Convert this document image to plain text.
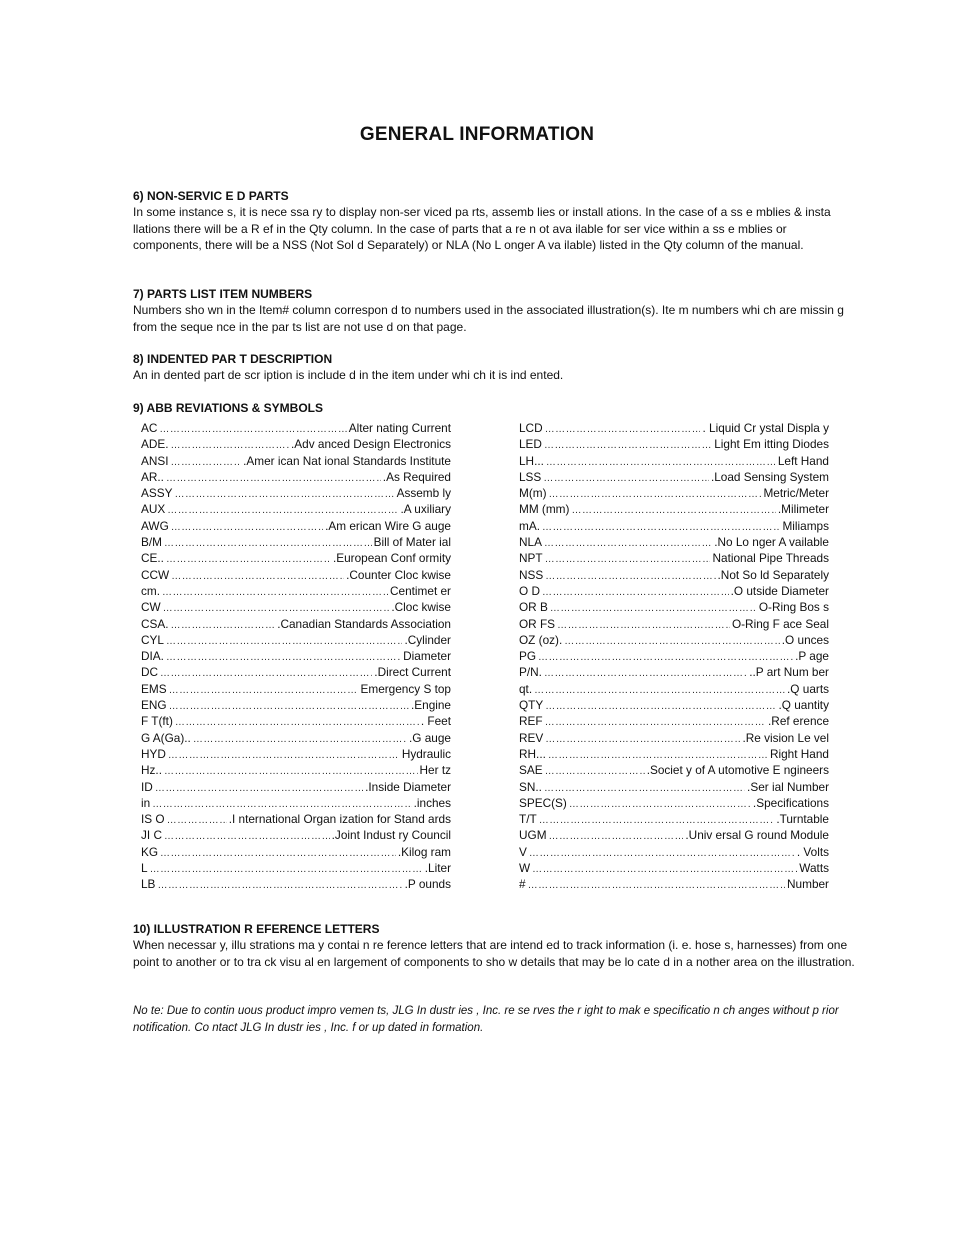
GENERAL INFORMATION

6) NON-SERVIC E D PARTS

In some instance s, it is nece ssa ry to display non-ser viced pa rts, assemb lies or install ations. In the case of a ss e mblies & insta llations there will be a R ef in the Qty column. In the case of parts that a re n ot ava ilable for ser vice within a ss e mblies or components, there will be a NSS (Not Sol d Separately) or NLA (No L onger A va ilable) listed in the Qty column of the manual.

7) PARTS LIST ITEM NUMBERS

Numbers sho wn in the Item# column correspon d to numbers used in the associated illustration(s). Ite m numbers whi ch are missin g from the seque nce in the par ts list are not use d on that page.

8) INDENTED PAR T DESCRIPTION

An in dented part de scr iption is include d in the item under whi ch it is ind ented.

9) ABB REVIATIONS & SYMBOLS

AC …………………………………………………………………………………………………………………………………………	Alter nating Current
ADE. …………………………………………………………………………………………………………………………………………	.Adv anced Design Electronics
ANSI …………………………………………………………………………………………………………………………………………	.Amer ican Nat ional Standards Institute
AR.. …………………………………………………………………………………………………………………………………………	.As Required
ASSY …………………………………………………………………………………………………………………………………………	Assemb ly
AUX …………………………………………………………………………………………………………………………………………	.A uxiliary
AWG …………………………………………………………………………………………………………………………………………	.Am erican Wire G auge
B/M …………………………………………………………………………………………………………………………………………	Bill of Mater ial
CE.. …………………………………………………………………………………………………………………………………………	.European Conf ormity
CCW …………………………………………………………………………………………………………………………………………	.Counter Cloc kwise
cm. …………………………………………………………………………………………………………………………………………	Centimet er
CW …………………………………………………………………………………………………………………………………………	.Cloc kwise
CSA. …………………………………………………………………………………………………………………………………………	.Canadian Standards Association
CYL …………………………………………………………………………………………………………………………………………	.Cylinder
DIA. …………………………………………………………………………………………………………………………………………	Diameter
DC …………………………………………………………………………………………………………………………………………	.Direct Current
EMS …………………………………………………………………………………………………………………………………………	Emergency S top
ENG …………………………………………………………………………………………………………………………………………	.Engine
F T(ft) …………………………………………………………………………………………………………………………………………	. Feet
G A(Ga).. …………………………………………………………………………………………………………………………………………	.G auge
HYD …………………………………………………………………………………………………………………………………………	Hydraulic
Hz.. …………………………………………………………………………………………………………………………………………	Her tz
ID …………………………………………………………………………………………………………………………………………	.Inside Diameter
in …………………………………………………………………………………………………………………………………………	.inches
IS O …………………………………………………………………………………………………………………………………………	.I nternational Organ ization for Stand ards
JI C …………………………………………………………………………………………………………………………………………	.Joint Indust ry Council
KG …………………………………………………………………………………………………………………………………………	.Kilog ram
L …………………………………………………………………………………………………………………………………………	.Liter
LB …………………………………………………………………………………………………………………………………………	.P ounds
LCD …………………………………………………………………………………………………………………………………………	. Liquid Cr ystal Displa y
LED …………………………………………………………………………………………………………………………………………	Light Em itting Diodes
LH... …………………………………………………………………………………………………………………………………………	Left Hand
LSS …………………………………………………………………………………………………………………………………………	.Load Sensing System
M(m) …………………………………………………………………………………………………………………………………………	Metric/Meter
MM (mm) …………………………………………………………………………………………………………………………………………	.Milimeter
mA. …………………………………………………………………………………………………………………………………………	Miliamps
NLA …………………………………………………………………………………………………………………………………………	.No Lo nger A vailable
NPT …………………………………………………………………………………………………………………………………………	National Pipe Threads
NSS …………………………………………………………………………………………………………………………………………	.Not So ld Separately
O D …………………………………………………………………………………………………………………………………………	.O utside Diameter
OR B …………………………………………………………………………………………………………………………………………	O-Ring Bos s
OR FS …………………………………………………………………………………………………………………………………………	O-Ring F ace Seal
OZ (oz). …………………………………………………………………………………………………………………………………………	.O unces
PG …………………………………………………………………………………………………………………………………………	.P age
P/N. …………………………………………………………………………………………………………………………………………	..P art Num ber
qt. …………………………………………………………………………………………………………………………………………	.Q uarts
QTY …………………………………………………………………………………………………………………………………………	.Q uantity
REF …………………………………………………………………………………………………………………………………………	.Ref erence
REV …………………………………………………………………………………………………………………………………………	.Re vision Le vel
RH... …………………………………………………………………………………………………………………………………………	Right Hand
SAE …………………………………………………………………………………………………………………………………………	.Societ y of A utomotive E ngineers
SN.. …………………………………………………………………………………………………………………………………………	.Ser ial Number
SPEC(S) …………………………………………………………………………………………………………………………………………	.Specifications
T/T …………………………………………………………………………………………………………………………………………	.Turntable
UGM …………………………………………………………………………………………………………………………………………	.Univ ersal G round Module
V …………………………………………………………………………………………………………………………………………	. Volts
W …………………………………………………………………………………………………………………………………………	Watts
# …………………………………………………………………………………………………………………………………………	Number

10) ILLUSTRATION R EFERENCE LETTERS

When necessar y, illu strations ma y contai n re ference letters that are intend ed to track information (i. e. hose s, harnesses) from one point to another or to tra ck visu al en largement of components to sho w details that may be lo cate d in a nother area on the illustration.

No te: Due to contin uous product impro vemen ts, JLG In dustr ies , Inc. re se rves the r ight to mak e specificatio n ch anges without p rior notification. Co ntact JLG In dustr ies , Inc. f or up dated in formation.
